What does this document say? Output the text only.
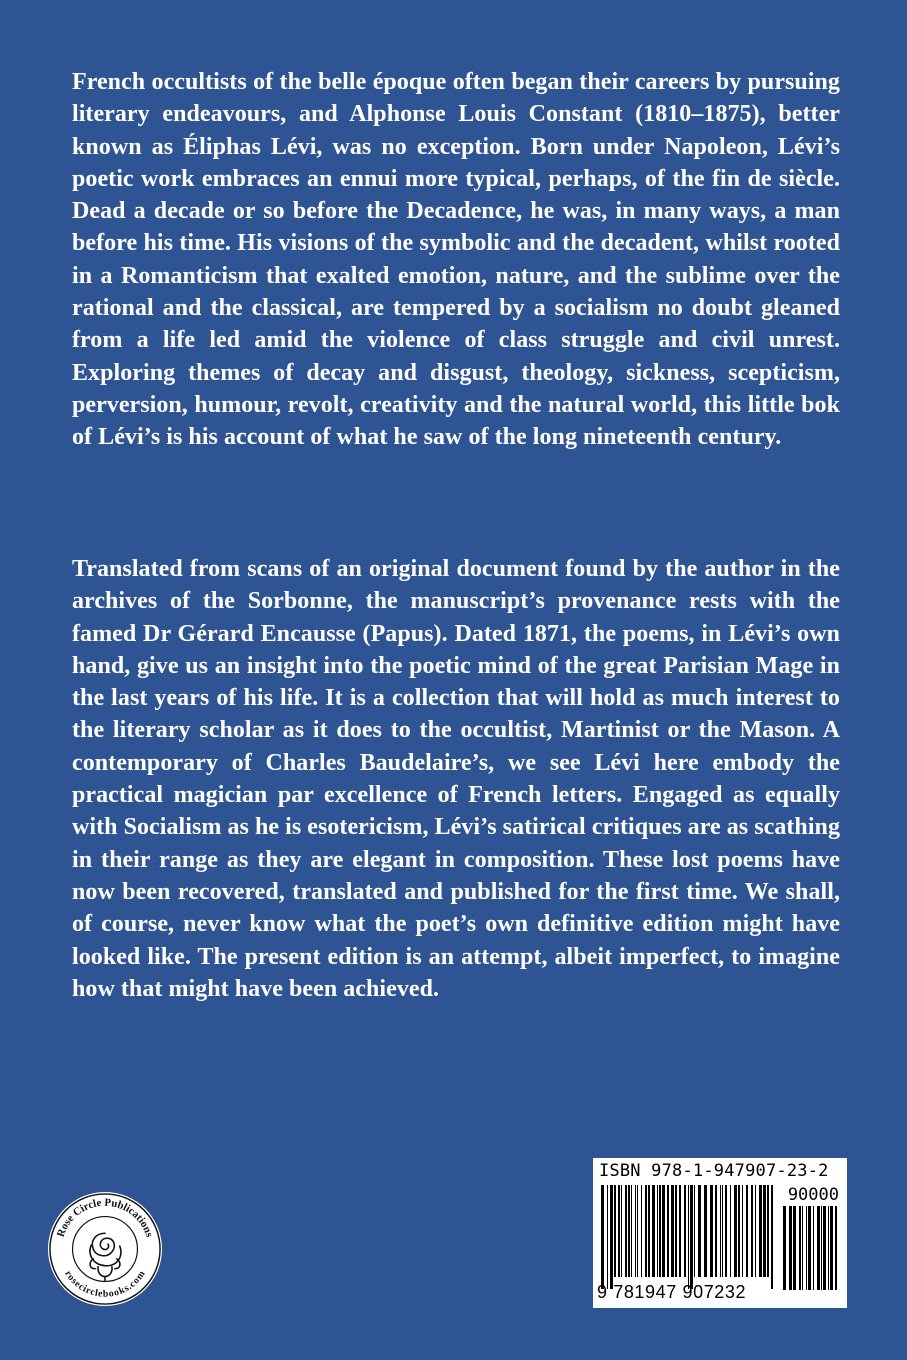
French occultists of the belle époque often began their careers by pursuing literary endeavours, and Alphonse Louis Constant (1810–1875), better known as Éliphas Lévi, was no exception. Born under Napoleon, Lévi’s poetic work embraces an ennui more typical, perhaps, of the fin de siècle. Dead a decade or so before the Decadence, he was, in many ways, a man before his time. His visions of the symbolic and the decadent, whilst rooted in a Romanticism that exalted emotion, nature, and the sublime over the rational and the classical, are tempered by a socialism no doubt gleaned from a life led amid the violence of class struggle and civil unrest. Exploring themes of decay and disgust, theology, sickness, scepticism, perversion, humour, revolt, creativity and the natural world, this little bok of Lévi’s is his account of what he saw of the long nineteenth century.

Translated from scans of an original document found by the author in the archives of the Sorbonne, the manuscript’s provenance rests with the famed Dr Gérard Encausse (Papus). Dated 1871, the poems, in Lévi’s own hand, give us an insight into the poetic mind of the great Parisian Mage in the last years of his life. It is a collection that will hold as much interest to the literary scholar as it does to the occultist, Martinist or the Mason. A contemporary of Charles Baudelaire’s, we see Lévi here embody the practical magician par excellence of French letters. Engaged as equally with Socialism as he is esotericism, Lévi’s satirical critiques are as scathing in their range as they are elegant in composition. These lost poems have now been recovered, translated and published for the first time. We shall, of course, never know what the poet’s own definitive edition might have looked like. The present edition is an attempt, albeit imperfect, to imagine how that might have been achieved.

Rose Circle Publications
rosecirclebooks.com
ISBN 978-1-947907-23-2
90000
9 781947 907232
